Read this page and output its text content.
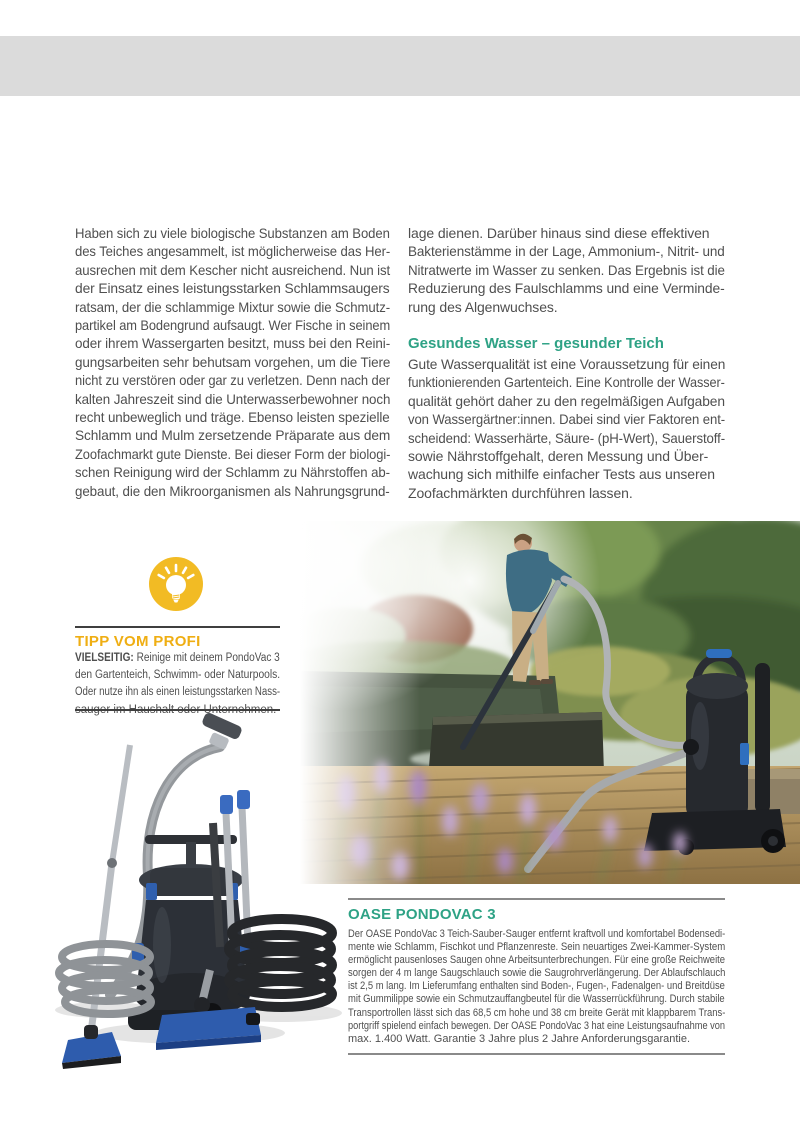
Haben sich zu viele biologische Substanzen am Boden
des Teiches angesammelt, ist möglicherweise das Her-
ausrechen mit dem Kescher nicht ausreichend. Nun ist
der Einsatz eines leistungsstarken Schlammsaugers
ratsam, der die schlammige Mixtur sowie die Schmutz-
partikel am Bodengrund aufsaugt. Wer Fische in seinem
oder ihrem Wassergarten besitzt, muss bei den Reini-
gungsarbeiten sehr behutsam vorgehen, um die Tiere
nicht zu verstören oder gar zu verletzen. Denn nach der
kalten Jahreszeit sind die Unterwasserbewohner noch
recht unbeweglich und träge. Ebenso leisten spezielle
Schlamm und Mulm zersetzende Präparate aus dem
Zoofachmarkt gute Dienste. Bei dieser Form der biologi-
schen Reinigung wird der Schlamm zu Nährstoffen ab-
gebaut, die den Mikroorganismen als Nahrungsgrund-
lage dienen. Darüber hinaus sind diese effektiven
Bakterienstämme in der Lage, Ammonium-, Nitrit- und
Nitratwerte im Wasser zu senken. Das Ergebnis ist die
Reduzierung des Faulschlamms und eine Verminde-
rung des Algenwuchses.
Gesundes Wasser – gesunder Teich
Gute Wasserqualität ist eine Voraussetzung für einen
funktionierenden Gartenteich. Eine Kontrolle der Wasser-
qualität gehört daher zu den regelmäßigen Aufgaben
von Wassergärtner:innen. Dabei sind vier Faktoren ent-
scheidend: Wasserhärte, Säure- (pH-Wert), Sauerstoff-
sowie Nährstoffgehalt, deren Messung und Über-
wachung sich mithilfe einfacher Tests aus unseren
Zoofachmärkten durchführen lassen.
TIPP VOM PROFI
VIELSEITIG: Reinige mit deinem PondoVac 3
den Gartenteich, Schwimm- oder Naturpools.
Oder nutze ihn als einen leistungsstarken Nass-
OASE PONDOVAC 3
Der OASE PondoVac 3 Teich-Sauber-Sauger entfernt kraftvoll und komfortabel Bodensedi-
mente wie Schlamm, Fischkot und Pflanzenreste. Sein neuartiges Zwei-Kammer-System
ermöglicht pausenloses Saugen ohne Arbeitsunterbrechungen. Für eine große Reichweite
sorgen der 4 m lange Saugschlauch sowie die Saugrohrverlängerung. Der Ablaufschlauch
ist 2,5 m lang. Im Lieferumfang enthalten sind Boden-, Fugen-, Fadenalgen- und Breitdüse
mit Gummilippe sowie ein Schmutzauffangbeutel für die Wasserrückführung. Durch stabile
Transportrollen lässt sich das 68,5 cm hohe und 38 cm breite Gerät mit klappbarem Trans-
portgriff spielend einfach bewegen. Der OASE PondoVac 3 hat eine Leistungsaufnahme von
max. 1.400 Watt. Garantie 3 Jahre plus 2 Jahre Anforderungsgarantie.
